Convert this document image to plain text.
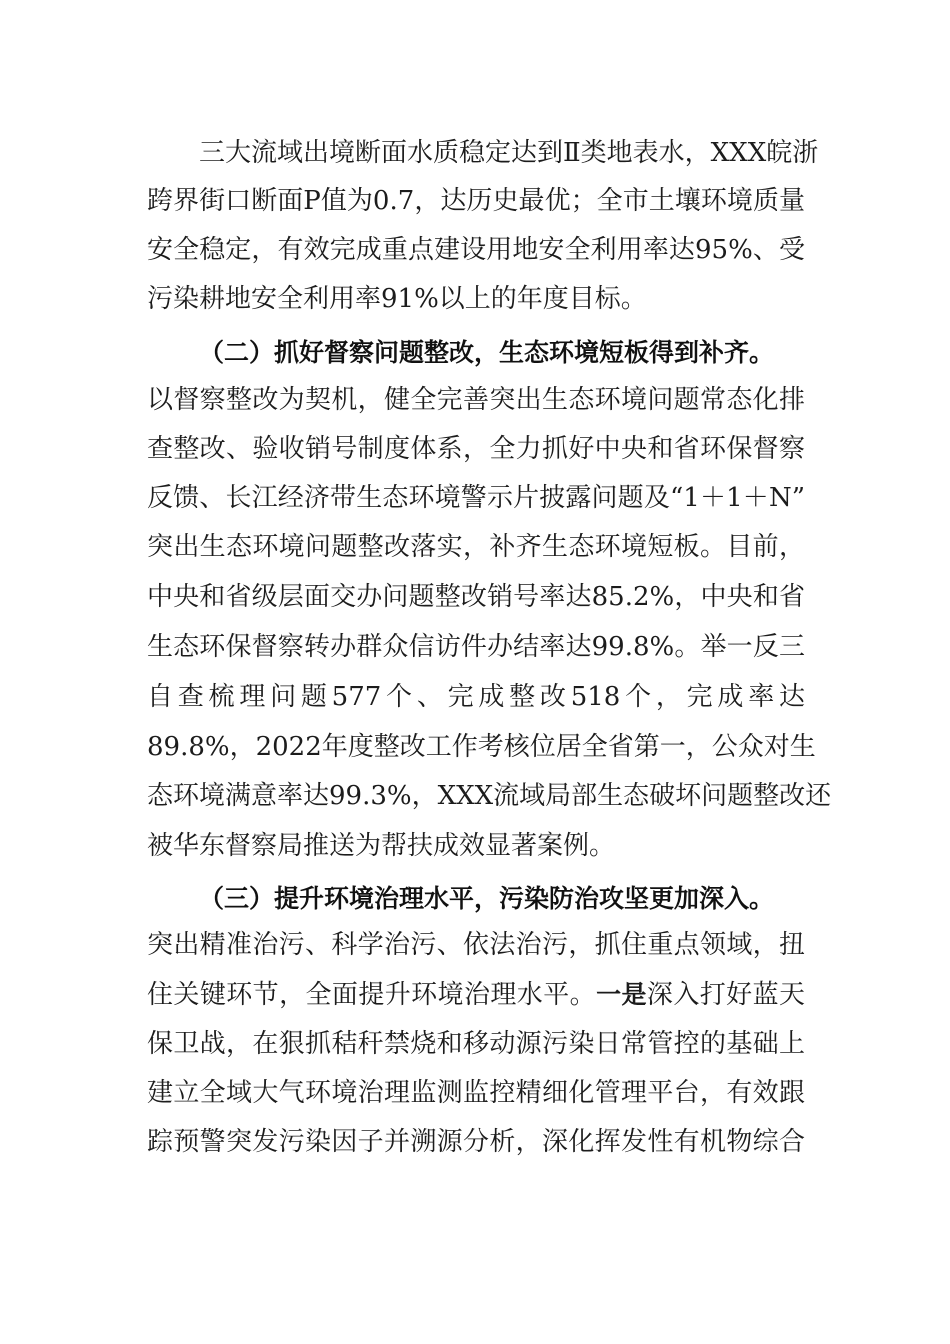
三大流域出境断面水质稳定达到Ⅱ类地表水，XXX皖浙
跨界街口断面P值为0.7，达历史最优；全市土壤环境质量
安全稳定，有效完成重点建设用地安全利用率达95%、受
污染耕地安全利用率91%以上的年度目标。
（二）抓好督察问题整改，生态环境短板得到补齐。
以督察整改为契机，健全完善突出生态环境问题常态化排
查整改、验收销号制度体系，全力抓好中央和省环保督察
反馈、长江经济带生态环境警示片披露问题及“1＋1＋N”
突出生态环境问题整改落实，补齐生态环境短板。目前，
中央和省级层面交办问题整改销号率达85.2%，中央和省
生态环保督察转办群众信访件办结率达99.8%。举一反三
自查梳理问题577个、完成整改518个，完成率达
89.8%，2022年度整改工作考核位居全省第一，公众对生
态环境满意率达99.3%，XXX流域局部生态破坏问题整改还
被华东督察局推送为帮扶成效显著案例。
（三）提升环境治理水平，污染防治攻坚更加深入。
突出精准治污、科学治污、依法治污，抓住重点领域，扭
住关键环节，全面提升环境治理水平。一是深入打好蓝天
保卫战，在狠抓秸秆禁烧和移动源污染日常管控的基础上
建立全域大气环境治理监测监控精细化管理平台，有效跟
踪预警突发污染因子并溯源分析，深化挥发性有机物综合
